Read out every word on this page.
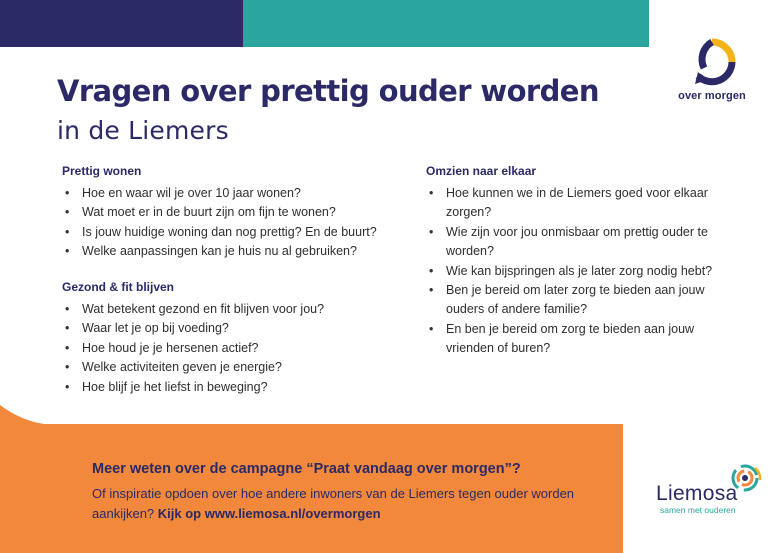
over morgen
Vragen over prettig ouder worden
in de Liemers
Prettig wonen
• Hoe en waar wil je over 10 jaar wonen?
• Wat moet er in de buurt zijn om fijn te wonen?
• Is jouw huidige woning dan nog prettig? En de buurt?
• Welke aanpassingen kan je huis nu al gebruiken?
Gezond & fit blijven
• Wat betekent gezond en fit blijven voor jou?
• Waar let je op bij voeding?
• Hoe houd je je hersenen actief?
• Welke activiteiten geven je energie?
• Hoe blijf je het liefst in beweging?
Omzien naar elkaar
• Hoe kunnen we in de Liemers goed voor elkaar zorgen?
• Wie zijn voor jou onmisbaar om prettig ouder te worden?
• Wie kan bijspringen als je later zorg nodig hebt?
• Ben je bereid om later zorg te bieden aan jouw ouders of andere familie?
• En ben je bereid om zorg te bieden aan jouw vrienden of buren?
Meer weten over de campagne “Praat vandaag over morgen”?
Of inspiratie opdoen over hoe andere inwoners van de Liemers tegen ouder worden aankijken? Kijk op www.liemosa.nl/overmorgen
Liemosa
samen met ouderen
